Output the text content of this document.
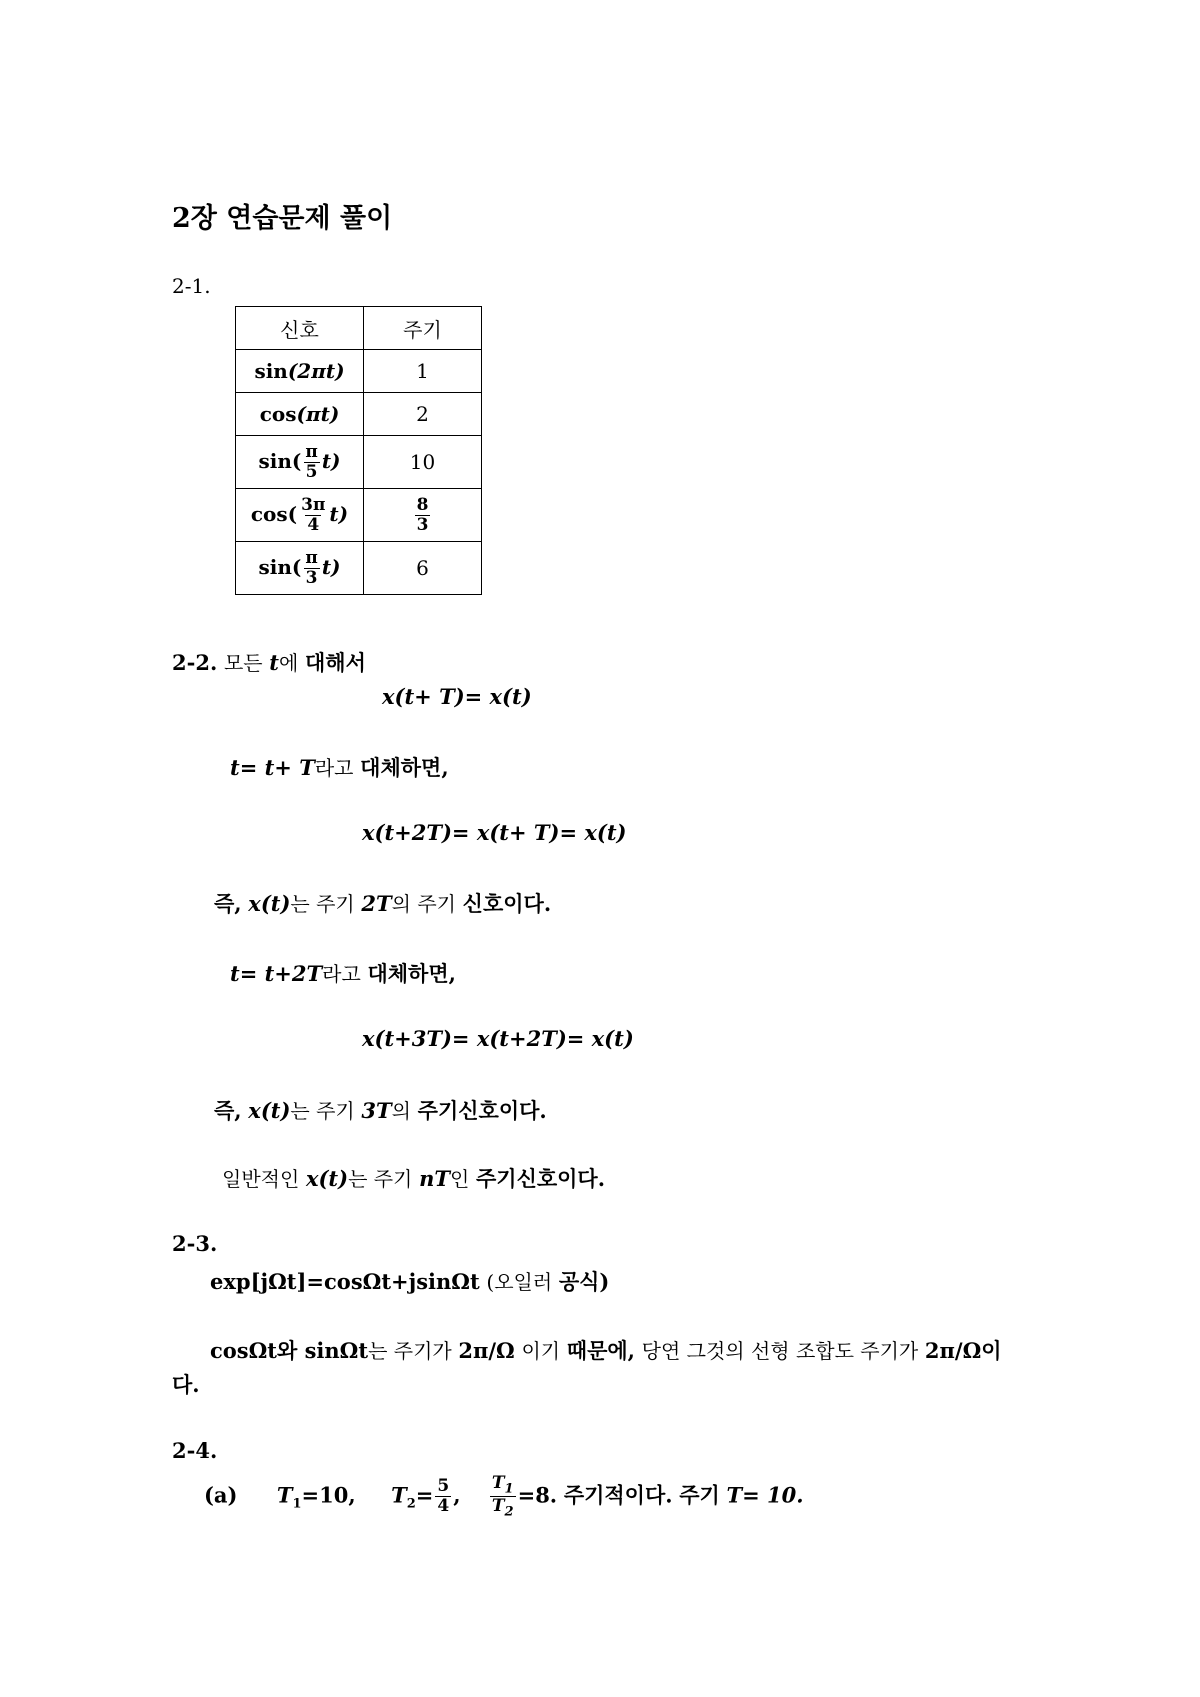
2장 연습문제 풀이
2-1.
신호	주기
sin(2πt)	1
cos(πt)	2
$\sin( \frac{\pi}{5} t)$	10
$\cos( \frac{3\pi}{4} t)$	$\frac{8}{3}$

$\sin( \frac{\pi}{3} t)$	6
2-2. 모든 t에 대해서
x(t+ T)= x(t)
t= t+ T라고 대체하면,
x(t+2T)= x(t+ T)= x(t)
즉, x(t)는 주기 2T의 주기 신호이다.
t= t+2T라고 대체하면,
x(t+3T)= x(t+2T)= x(t)
즉, x(t)는 주기 3T의 주기신호이다.
일반적인 x(t)는 주기 nT인 주기신호이다.
2-3.
exp[jΩt]=cosΩt+jsinΩt (오일러 공식)
cosΩt와 sinΩt는 주기가 2π/Ω 이기 때문에, 당연 그것의 선형 조합도 주기가 2π/Ω이
다.
2-4.
(a) $T_1=10$, $T_2= \frac{5}{4}$ , $\frac{T_1}{T_2} =8$. 주기적이다. 주기 T= 10.
